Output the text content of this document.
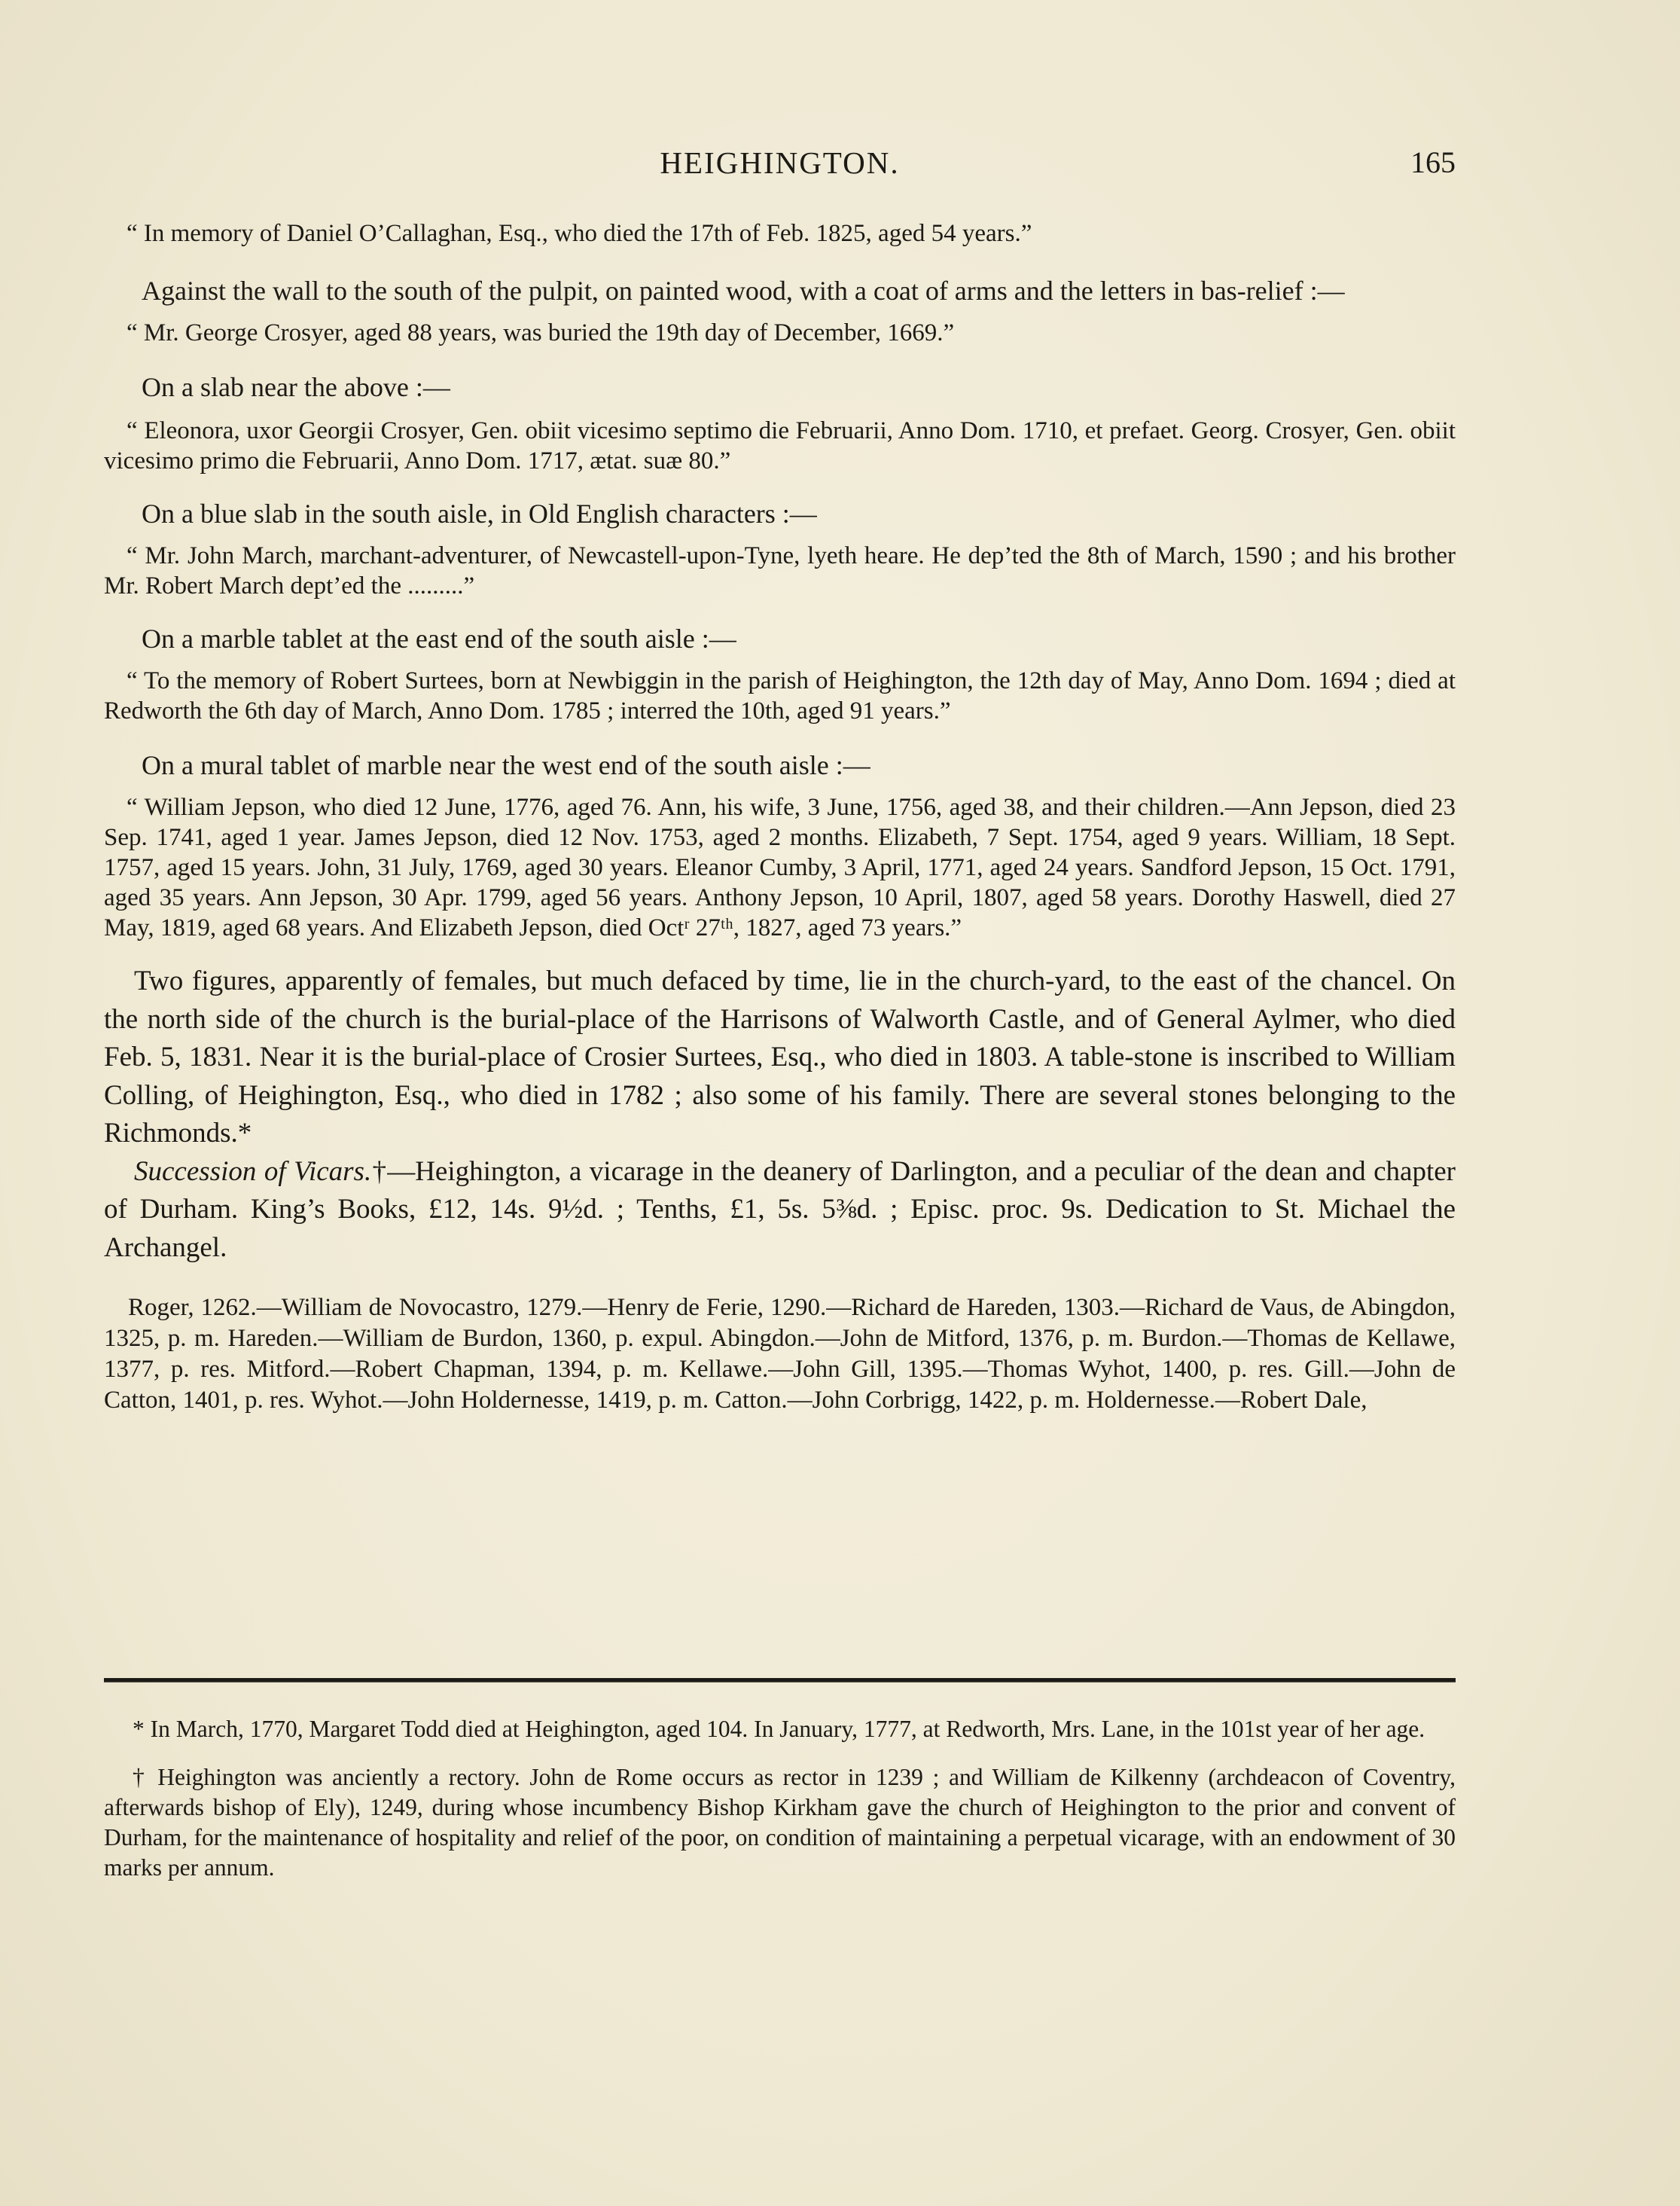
HEIGHINGTON.	165

“ In memory of Daniel O’Callaghan, Esq., who died the 17th of Feb. 1825, aged 54 years.”

Against the wall to the south of the pulpit, on painted wood, with a coat of arms and the letters in bas-relief :—

“ Mr. George Crosyer, aged 88 years, was buried the 19th day of December, 1669.”

On a slab near the above :—

“ Eleonora, uxor Georgii Crosyer, Gen. obiit vicesimo septimo die Februarii, Anno Dom. 1710, et prefaet. Georg. Crosyer, Gen. obiit vicesimo primo die Februarii, Anno Dom. 1717, ætat. suæ 80.”

On a blue slab in the south aisle, in Old English characters :—

“ Mr. John March, marchant-adventurer, of Newcastell-upon-Tyne, lyeth heare. He dep’ted the 8th of March, 1590 ; and his brother Mr. Robert March dept’ed the .........”

On a marble tablet at the east end of the south aisle :—

“ To the memory of Robert Surtees, born at Newbiggin in the parish of Heighington, the 12th day of May, Anno Dom. 1694 ; died at Redworth the 6th day of March, Anno Dom. 1785 ; interred the 10th, aged 91 years.”

On a mural tablet of marble near the west end of the south aisle :—

“ William Jepson, who died 12 June, 1776, aged 76. Ann, his wife, 3 June, 1756, aged 38, and their children.—Ann Jepson, died 23 Sep. 1741, aged 1 year. James Jepson, died 12 Nov. 1753, aged 2 months. Elizabeth, 7 Sept. 1754, aged 9 years. William, 18 Sept. 1757, aged 15 years. John, 31 July, 1769, aged 30 years. Eleanor Cumby, 3 April, 1771, aged 24 years. Sandford Jepson, 15 Oct. 1791, aged 35 years. Ann Jepson, 30 Apr. 1799, aged 56 years. Anthony Jepson, 10 April, 1807, aged 58 years. Dorothy Haswell, died 27 May, 1819, aged 68 years. And Elizabeth Jepson, died Octʳ 27ᵗʰ, 1827, aged 73 years.”

Two figures, apparently of females, but much defaced by time, lie in the church-yard, to the east of the chancel. On the north side of the church is the burial-place of the Harrisons of Walworth Castle, and of General Aylmer, who died Feb. 5, 1831. Near it is the burial-place of Crosier Surtees, Esq., who died in 1803. A table-stone is inscribed to William Colling, of Heighington, Esq., who died in 1782 ; also some of his family. There are several stones belonging to the Richmonds.*

Succession of Vicars.†—Heighington, a vicarage in the deanery of Darlington, and a peculiar of the dean and chapter of Durham. King’s Books, £12, 14s. 9½d. ; Tenths, £1, 5s. 5⅜d. ; Episc. proc. 9s. Dedication to St. Michael the Archangel.

Roger, 1262.—William de Novocastro, 1279.—Henry de Ferie, 1290.—Richard de Hareden, 1303.—Richard de Vaus, de Abingdon, 1325, p. m. Hareden.—William de Burdon, 1360, p. expul. Abingdon.—John de Mitford, 1376, p. m. Burdon.—Thomas de Kellawe, 1377, p. res. Mitford.—Robert Chapman, 1394, p. m. Kellawe.—John Gill, 1395.—Thomas Wyhot, 1400, p. res. Gill.—John de Catton, 1401, p. res. Wyhot.—John Holdernesse, 1419, p. m. Catton.—John Corbrigg, 1422, p. m. Holdernesse.—Robert Dale,

* In March, 1770, Margaret Todd died at Heighington, aged 104. In January, 1777, at Redworth, Mrs. Lane, in the 101st year of her age.

† Heighington was anciently a rectory. John de Rome occurs as rector in 1239 ; and William de Kilkenny (archdeacon of Coventry, afterwards bishop of Ely), 1249, during whose incumbency Bishop Kirkham gave the church of Heighington to the prior and convent of Durham, for the maintenance of hospitality and relief of the poor, on condition of maintaining a perpetual vicarage, with an endowment of 30 marks per annum.
